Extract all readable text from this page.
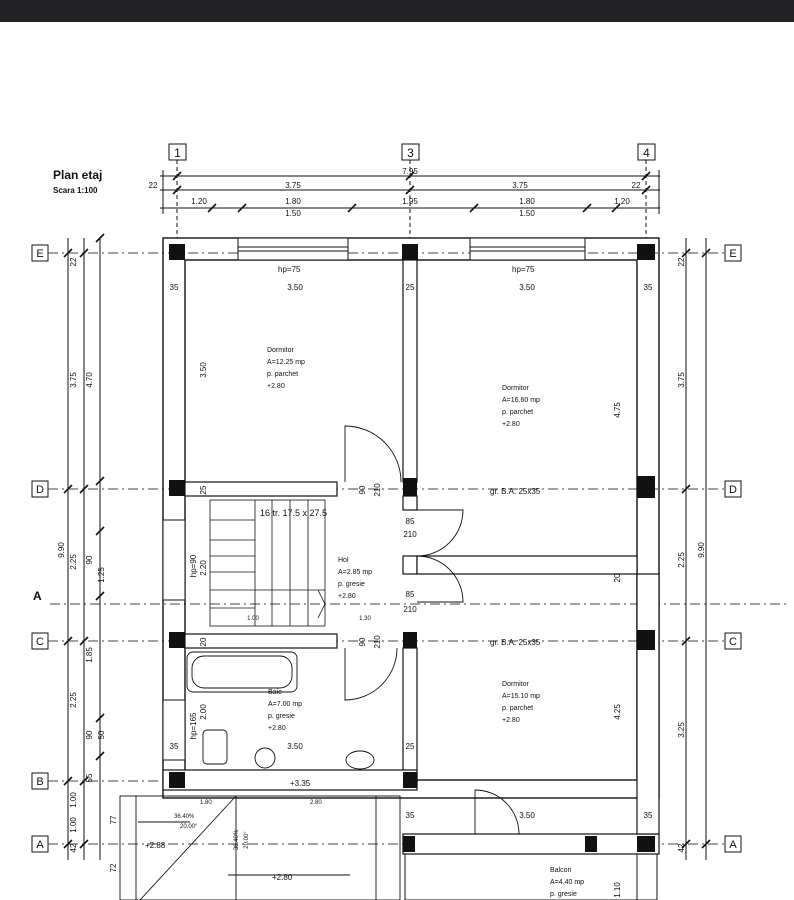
Plan etaj
Scara 1:100
1	3	4
7.95
22	22
3.75	3.75
1.20	1.80	1.95	1.80	1.20
1.50	1.50
E
D
C
B
A
E
D
C
A
A
3.75
2.25
2.25
1.00
1.00
9.90
4.70
1.25
90
1.85
90
55
77
72
50
22
42
3.75
2.25
3.25
9.90
22
42
35	3.50	25	3.50	35
3.50
4.75
4.25
2.00
35	3.50	25
3.50	35
35
1.10
85
210
85
210
90 210
90 210
2.20
1.00	1.30
25
20
20
+3.35
+2.88
+2.80
36.40%
20.00°
36.40% 20.00°
1.80	2.80
gr. B.A. 25x35
gr. B.A. 25x35
hp=75	hp=75
hp=165
hp=90
16 tr. 17.5 x 27.5
Dormitor
A=12.25 mp
p. parchet
+2.80	Dormitor
A=16.60 mp
p. parchet
+2.80
Hol
A=2.85 mp
p. gresie
+2.80
Baie
A=7.00 mp
p. gresie
+2.80
Dormitor
A=15.10 mp
p. parchet
+2.80
Balcon
A=4.40 mp
p. gresie
